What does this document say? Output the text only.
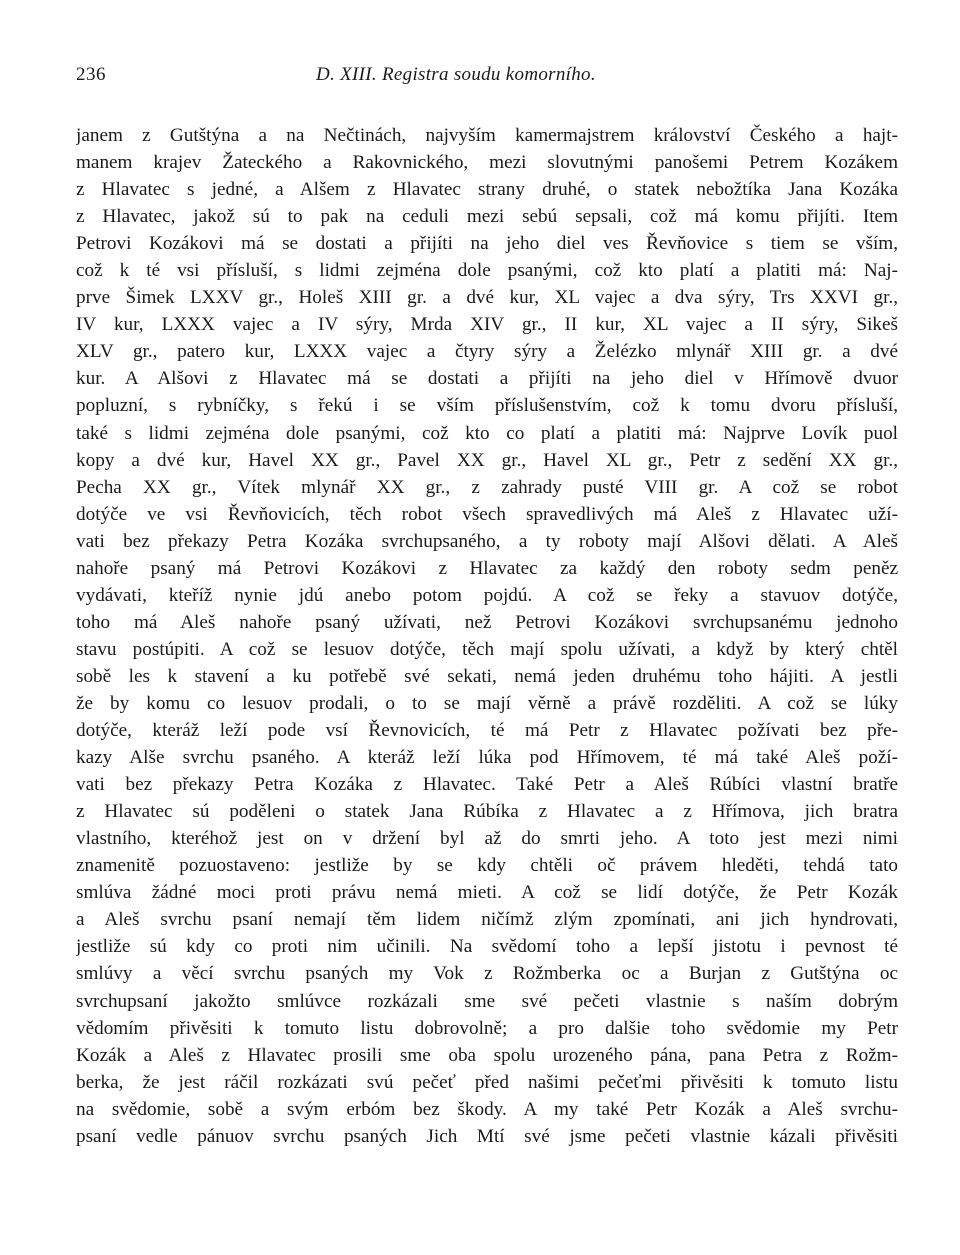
236	D. XIII. Registra soudu komorního.
janem z Gutštýna a na Nečtinách, najvyším kamermajstrem království Českého a hajt-
manem krajev Žateckého a Rakovnického, mezi slovutnými panošemi Petrem Kozákem
z Hlavatec s jedné, a Alšem z Hlavatec strany druhé, o statek nebožtíka Jana Kozáka
z Hlavatec, jakož sú to pak na ceduli mezi sebú sepsali, což má komu přijíti. Item
Petrovi Kozákovi má se dostati a přijíti na jeho diel ves Řevňovice s tiem se vším,
což k té vsi přísluší, s lidmi zejména dole psanými, což kto platí a platiti má: Naj-
prve Šimek LXXV gr., Holeš XIII gr. a dvé kur, XL vajec a dva sýry, Trs XXVI gr.,
IV kur, LXXX vajec a IV sýry, Mrda XIV gr., II kur, XL vajec a II sýry, Sikeš
XLV gr., patero kur, LXXX vajec a čtyry sýry a Želézko mlynář XIII gr. a dvé
kur. A Alšovi z Hlavatec má se dostati a přijíti na jeho diel v Hřímově dvuor
popluzní, s rybníčky, s řekú i se vším příslušenstvím, což k tomu dvoru přísluší,
také s lidmi zejména dole psanými, což kto co platí a platiti má: Najprve Lovík puol
kopy a dvé kur, Havel XX gr., Pavel XX gr., Havel XL gr., Petr z sedění XX gr.,
Pecha XX gr., Vítek mlynář XX gr., z zahrady pusté VIII gr. A což se robot
dotýče ve vsi Řevňovicích, těch robot všech spravedlivých má Aleš z Hlavatec uží-
vati bez překazy Petra Kozáka svrchupsaného, a ty roboty mají Alšovi dělati. A Aleš
nahoře psaný má Petrovi Kozákovi z Hlavatec za každý den roboty sedm peněz
vydávati, kteříž nynie jdú anebo potom pojdú. A což se řeky a stavuov dotýče,
toho má Aleš nahoře psaný užívati, než Petrovi Kozákovi svrchupsanému jednoho
stavu postúpiti. A což se lesuov dotýče, těch mají spolu užívati, a když by který chtěl
sobě les k stavení a ku potřebě své sekati, nemá jeden druhému toho hájiti. A jestli
že by komu co lesuov prodali, o to se mají věrně a právě rozděliti. A což se lúky
dotýče, kteráž leží pode vsí Řevnovicích, té má Petr z Hlavatec požívati bez pře-
kazy Alše svrchu psaného. A kteráž leží lúka pod Hřímovem, té má také Aleš poží-
vati bez překazy Petra Kozáka z Hlavatec. Také Petr a Aleš Rúbíci vlastní bratře
z Hlavatec sú poděleni o statek Jana Rúbíka z Hlavatec a z Hřímova, jich bratra
vlastního, kteréhož jest on v držení byl až do smrti jeho. A toto jest mezi nimi
znamenitě pozuostaveno: jestliže by se kdy chtěli oč právem hleděti, tehdá tato
smlúva žádné moci proti právu nemá mieti. A což se lidí dotýče, že Petr Kozák
a Aleš svrchu psaní nemají těm lidem ničímž zlým zpomínati, ani jich hyndrovati,
jestliže sú kdy co proti nim učinili. Na svědomí toho a lepší jistotu i pevnost té
smlúvy a věcí svrchu psaných my Vok z Rožmberka oc a Burjan z Gutštýna oc
svrchupsaní jakožto smlúvce rozkázali sme své pečeti vlastnie s naším dobrým
vědomím přivěsiti k tomuto listu dobrovolně; a pro dalšie toho svědomie my Petr
Kozák a Aleš z Hlavatec prosili sme oba spolu urozeného pána, pana Petra z Rožm-
berka, že jest ráčil rozkázati svú pečeť před našimi pečeťmi přivěsiti k tomuto listu
na svědomie, sobě a svým erbóm bez škody. A my také Petr Kozák a Aleš svrchu-
psaní vedle pánuov svrchu psaných Jich Mtí své jsme pečeti vlastnie kázali přivěsiti
